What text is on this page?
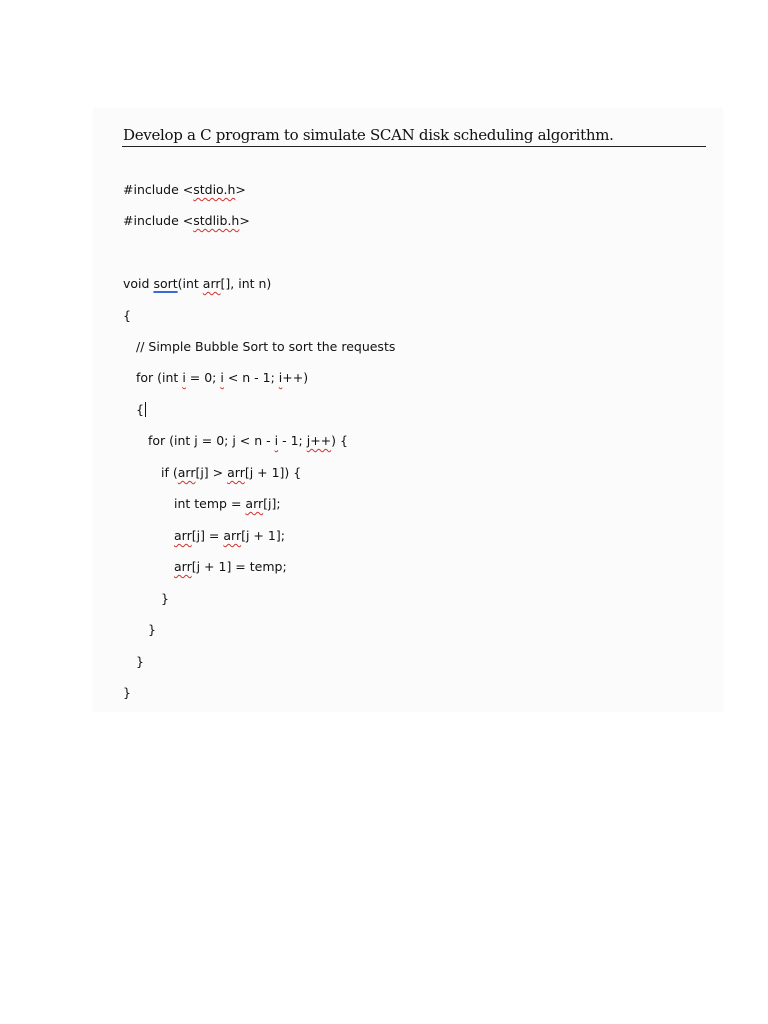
Develop a C program to simulate SCAN disk scheduling algorithm.
#include <stdio.h>
#include <stdlib.h>
void sort(int arr[], int n)
{
// Simple Bubble Sort to sort the requests
for (int i = 0; i < n - 1; i++)
{
for (int j = 0; j < n - i - 1; j++) {
if (arr[j] > arr[j + 1]) {
int temp = arr[j];
arr[j] = arr[j + 1];
arr[j + 1] = temp;
}
}
}
}
